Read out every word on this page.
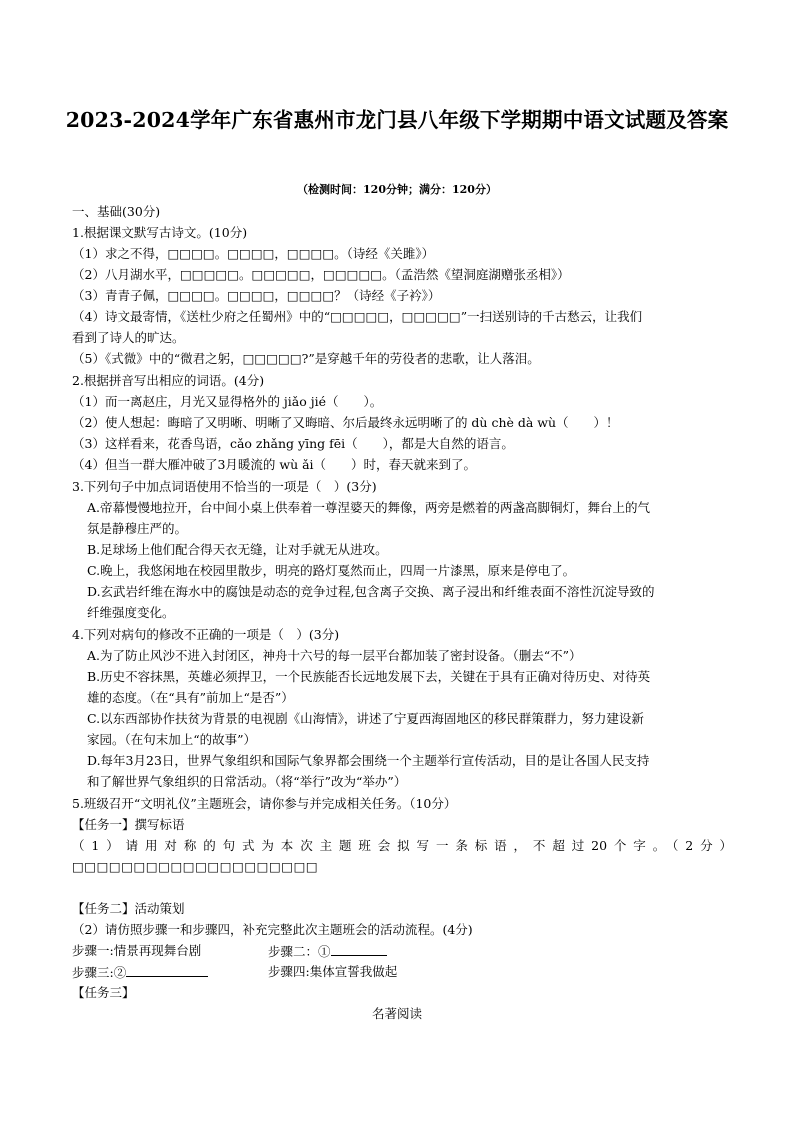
2023-2024学年广东省惠州市龙门县八年级下学期期中语文试题及答案
（检测时间：120分钟；满分：120分）
一、基础(30分)
1.根据课文默写古诗文。(10分)
（1）求之不得，□□□□。□□□□，□□□□。（诗经《关雎》）
（2）八月湖水平，□□□□□。□□□□□，□□□□□。（孟浩然《望洞庭湖赠张丞相》）
（3）青青子佩，□□□□。□□□□，□□□□？（诗经《子衿》）
（4）诗文最寄情，《送杜少府之任蜀州》中的“□□□□□，□□□□□”一扫送别诗的千古愁云，让我们
看到了诗人的旷达。
（5）《式微》中的“微君之躬，□□□□□?”是穿越千年的劳役者的悲歌，让人落泪。
2.根据拼音写出相应的词语。(4分)
（1）而一离赵庄，月光又显得格外的 jiǎo jié（　　）。
（2）使人想起：晦暗了又明晰、明晰了又晦暗、尔后最终永远明晰了的 dù chè dà wù（　　）！
（3）这样看来，花香鸟语，cǎo zhǎng yīng fēi（　　），都是大自然的语言。
（4）但当一群大雁冲破了3月暖流的 wù ǎi（　　）时，春天就来到了。
3.下列句子中加点词语使用不恰当的一项是（　）(3分)
A.帝幕慢慢地拉开，台中间小桌上供奉着一尊涅婆天的舞像，两旁是燃着的两盏高脚铜灯，舞台上的气
氛是静穆庄严的。
B.足球场上他们配合得天衣无缝，让对手就无从进攻。
C.晚上，我悠闲地在校园里散步，明亮的路灯戛然而止，四周一片漆黑，原来是停电了。
D.玄武岩纤维在海水中的腐蚀是动态的竞争过程,包含离子交换、离子浸出和纤维表面不溶性沉淀导致的
纤维强度变化。
4.下列对病句的修改不正确的一项是（　）(3分)
A.为了防止风沙不进入封闭区，神舟十六号的每一层平台都加装了密封设备。（删去“不”）
B.历史不容抹黑，英雄必须捍卫，一个民族能否长远地发展下去，关键在于具有正确对待历史、对待英
雄的态度。（在“具有”前加上“是否”）
C.以东西部协作扶贫为背景的电视剧《山海情》，讲述了宁夏西海固地区的移民群策群力，努力建设新
家园。（在句末加上“的故事”）
D.每年3月23日，世界气象组织和国际气象界都会围绕一个主题举行宣传活动，目的是让各国人民支持
和了解世界气象组织的日常活动。（将“举行”改为“举办”）
5.班级召开“文明礼仪”主题班会，请你参与并完成相关任务。（10分）
【任务一】撰写标语
（1）请用对称的句式为本次主题班会拟写一条标语，不超过20个字。（2分）
□□□□□□□□□□□□□□□□□□□□
【任务二】活动策划
（2）请仿照步骤一和步骤四，补充完整此次主题班会的活动流程。(4分)
步骤一:情景再现舞台剧	步骤二：①
步骤三:②	步骤四:集体宣誓我做起
【任务三】
名著阅读
